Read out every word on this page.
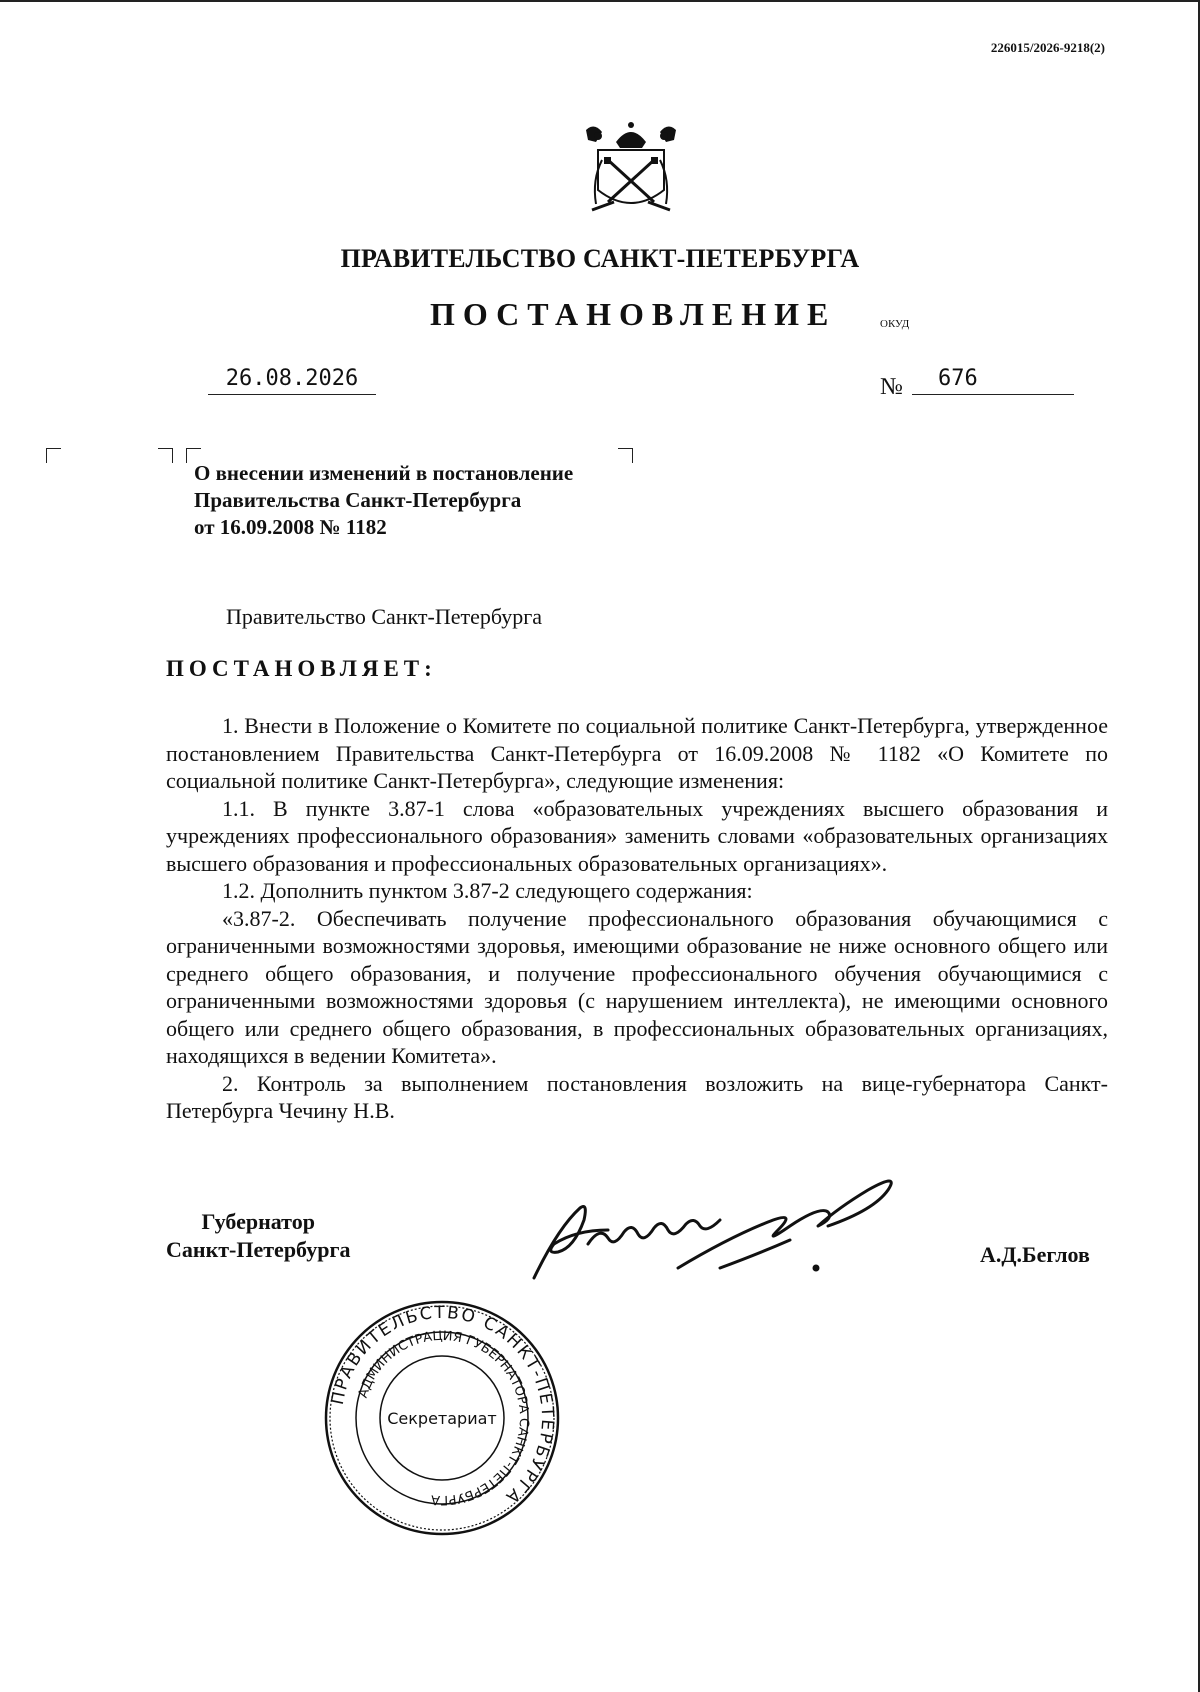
226015/2026-9218(2)
ПРАВИТЕЛЬСТВО САНКТ-ПЕТЕРБУРГА
ПОСТАНОВЛЕНИЕ	ОКУД
26.08.2026	№	676
О внесении изменений в постановление
Правительства Санкт-Петербурга
от 16.09.2008 № 1182
Правительство Санкт-Петербурга
ПОСТАНОВЛЯЕТ:

1. Внести в Положение о Комитете по социальной политике Санкт-Петербурга, утвержденное постановлением Правительства Санкт-Петербурга от 16.09.2008 № 1182 «О Комитете по социальной политике Санкт-Петербурга», следующие изменения:

1.1. В пункте 3.87-1 слова «образовательных учреждениях высшего образования и учреждениях профессионального образования» заменить словами «образовательных организациях высшего образования и профессиональных образовательных организациях».

1.2. Дополнить пунктом 3.87-2 следующего содержания:

«3.87-2. Обеспечивать получение профессионального образования обучающимися с ограниченными возможностями здоровья, имеющими образование не ниже основного общего или среднего общего образования, и получение профессионального обучения обучающимися с ограниченными возможностями здоровья (с нарушением интеллекта), не имеющими основного общего или среднего общего образования, в профессиональных образовательных организациях, находящихся в ведении Комитета».

2. Контроль за выполнением постановления возложить на вице-губернатора Санкт-Петербурга Чечину Н.В.

Губернатор
Санкт-Петербурга	А.Д.Беглов
ПРАВИТЕЛЬСТВО САНКТ-ПЕТЕРБУРГА
АДМИНИСТРАЦИЯ ГУБЕРНАТОРА САНКТ-ПЕТЕРБУРГА
Секретариат
